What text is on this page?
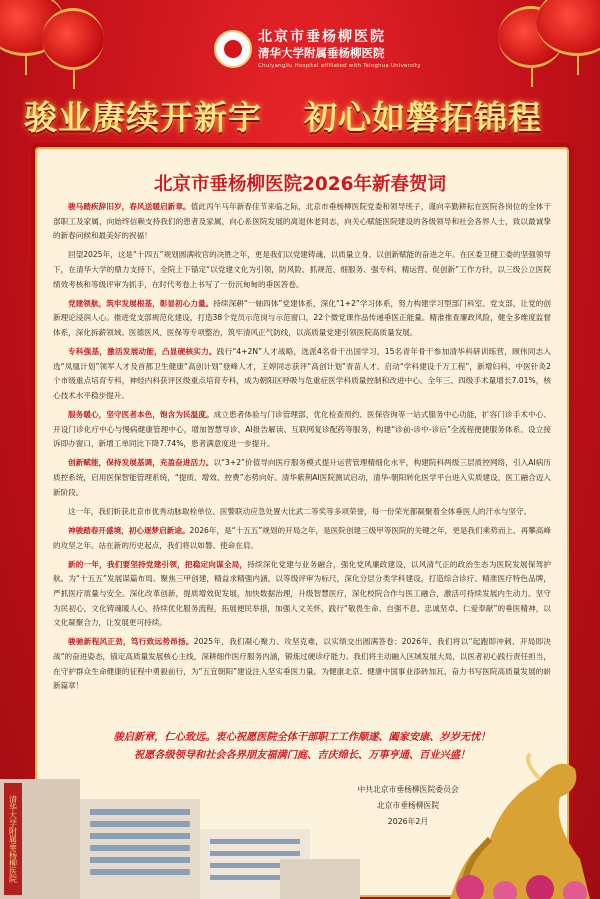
北京市垂杨柳医院
清华大学附属垂杨柳医院
Chuiyangliu Hospital affiliated with Tsinghua University
骏业赓续开新宇 初心如磐拓锦程
北京市垂杨柳医院2026年新春贺词

骏马踏疾辞旧岁，春风送暖启新章。值此丙午马年新春佳节来临之际，北京市垂杨柳医院党委和领导班子，谨向辛勤耕耘在医院各岗位的全体干部职工及家属，向始终信赖支持我们的患者及家属，向心系医院发展的离退休老同志，向关心赋能医院建设的各级领导和社会各界人士，致以最诚挚的新春问候和最美好的祝福！

回望2025年，这是“十四五”规划圆满收官的决胜之年，更是我们以党建铸魂、以质量立身、以创新赋能的奋进之年。在区委卫健工委的坚强领导下，在清华大学的鼎力支持下，全院上下锚定“以党建文化为引领，防风险、抓规范、细服务、强专科、精运营、促创新”工作方针，以三级公立医院绩效考核和等级评审为抓手，在时代考卷上书写了一份沉甸甸的垂医答卷。

党建领航，筑牢发展根基，彰显初心力量。持续深耕“一轴四体”党建体系，深化“1+2”学习体系，努力构建学习型部门科室、党支部，让党的创新理论浸润人心。推进党支部规范化建设，打造38个党员示范岗与示范窗口，22个微党课作品传递垂医正能量。精准推查廉政风险，健全多维度监督体系，深化拆薪领域、医德医风、医保等专项整治，筑牢清风正气防线，以高质量党建引领医院高质量发展。

专科强基，激活发展动能，凸显硬核实力。践行“4+2N”人才战略，选派4名骨干出国学习，15名青年骨干参加清华科研训练营，顾伟同志入选“凤凰计划”领军人才及首都卫生健康“高创计划”登峰人才，王婷同志获评“高创计划”青苗人才。启动“学科建设千万工程”，新增妇科、中医针灸2个市级重点培育专科，神经内科获评区级重点培育专科，成为朝阳区呼吸与危重症医学科质量控制和改进中心。全年三、四级手术量增长7.01%，核心技术水平稳步提升。

服务暖心，坚守医者本色，饱含为民温度。成立患者体验与门诊管理部，优化检查预约、医保咨询等一站式服务中心功能，扩容门诊手术中心、开设门诊化疗中心与慢病健康管理中心，增加智慧导诊、AI报告解读、互联网复诊配药等服务，构建“诊前-诊中-诊后”全流程便捷服务体系。设立接诉即办窗口，新增工单同比下降7.74%，患者满意度进一步提升。

创新赋能，保持发展基调，充盈奋进活力。以“3+2”价值导向医疗服务模式提升运营管理精细化水平，构建院科两级三层质控网络，引入AI病历质控系统，启用医保智能管理系统，“提质、增效、控费”态势向好。清华紫荆AI医院测试启动，清华-朝阳转化医学平台进入实质建设，医工融合迈入新阶段。

这一年，我们斩获北京市优秀动脉取栓单位、医警联动应急处置大比武二等奖等多项荣誉，每一份荣光都凝聚着全体垂医人的汗水与坚守。

神骏踏春开盛境，初心逐梦启新途。2026年，是“十五五”规划的开局之年，是医院创建三级甲等医院的关键之年，更是我们乘势而上、再攀高峰的攻坚之年。站在新的历史起点，我们将以如磐、使命在肩。

新的一年，我们要坚持党建引领，把稳定向谋全局，持续深化党建与业务融合，强化党风廉政建设，以风清气正的政治生态为医院发展保驾护航。为“十五五”发展谋篇布局。聚焦三甲创建，精益求精强内涵，以等级评审为标尺，深化分层分类学科建设，打造综合诊疗、精准医疗特色品牌，严抓医疗质量与安全。深化改革创新，提质增效促发展，加快数据治理，升级智慧医疗，深化校院合作与医工融合，激活可持续发展内生动力。坚守为民初心，文化铸魂暖人心，持续优化服务流程，拓展便民举措，加强人文关怀，践行“敬畏生命、自强不息、忠诚坚卓、仁爱奉献”的垂医精神，以文化凝聚合力，让发展更可持续。

骏驰新程风正劲，笃行致远势昂扬。2025年，我们凝心聚力、攻坚克难，以实绩交出圆满答卷；2026年，我们将以“起跑即冲刺、开局即决战”的奋进姿态，锚定高质量发展核心主线，深耕细作医疗服务内涵，锻炼过硬诊疗能力。我们将主动融入区域发展大局，以医者初心践行责任担当，在守护群众生命健康的征程中勇毅前行，为“五宜朝阳”建设注入坚实垂医力量，为健康北京、健康中国事业添砖加瓦，奋力书写医院高质量发展的崭新篇章！

骏启新章，仁心致远。衷心祝愿医院全体干部职工工作顺遂、阖家安康、岁岁无忧！
祝愿各级领导和社会各界朋友福满门庭、吉庆绵长、万事亨通、百业兴盛！
中共北京市垂杨柳医院委员会
北京市垂杨柳医院
2026年2月
清华大学附属垂杨柳医院
